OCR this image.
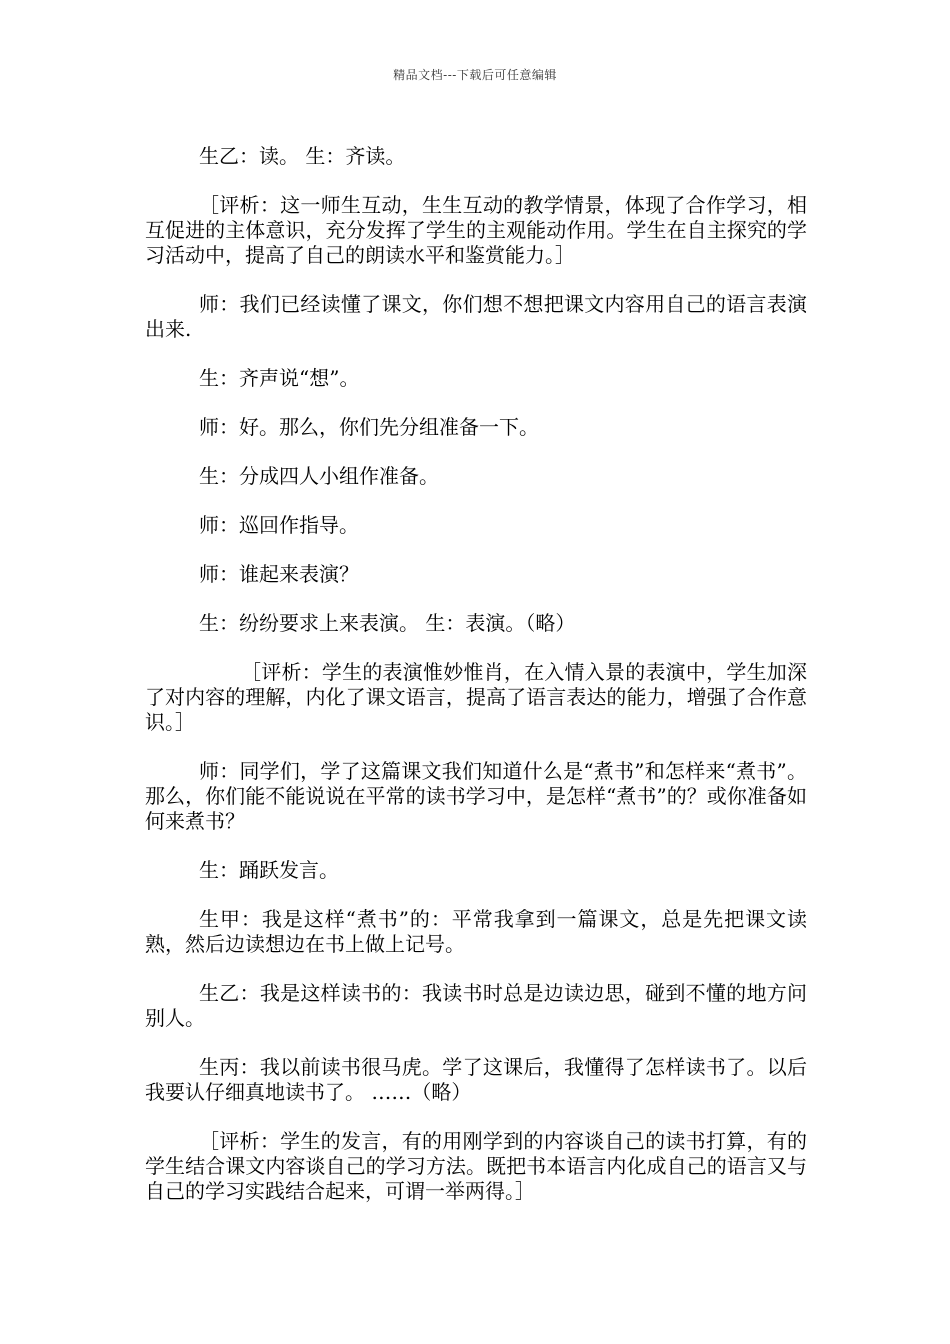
精品文档---下载后可任意编辑

生乙：读。 生：齐读。

［评析：这一师生互动，生生互动的教学情景，体现了合作学习，相互促进的主体意识，充分发挥了学生的主观能动作用。学生在自主探究的学习活动中，提高了自己的朗读水平和鉴赏能力。］

师：我们已经读懂了课文，你们想不想把课文内容用自己的语言表演出来.

生：齐声说“想”。

师：好。那么，你们先分组准备一下。

生：分成四人小组作准备。

师：巡回作指导。

师：谁起来表演？

生：纷纷要求上来表演。 生：表演。（略）

［评析：学生的表演惟妙惟肖，在入情入景的表演中，学生加深了对内容的理解，内化了课文语言，提高了语言表达的能力，增强了合作意识。］

师：同学们，学了这篇课文我们知道什么是“煮书”和怎样来“煮书”。那么，你们能不能说说在平常的读书学习中，是怎样“煮书”的？或你准备如何来煮书？

生：踊跃发言。

生甲：我是这样“煮书”的：平常我拿到一篇课文，总是先把课文读熟，然后边读想边在书上做上记号。

生乙：我是这样读书的：我读书时总是边读边思，碰到不懂的地方问别人。

生丙：我以前读书很马虎。学了这课后，我懂得了怎样读书了。以后我要认仔细真地读书了。 ……（略）

［评析：学生的发言，有的用刚学到的内容谈自己的读书打算，有的学生结合课文内容谈自己的学习方法。既把书本语言内化成自己的语言又与自己的学习实践结合起来，可谓一举两得。］
